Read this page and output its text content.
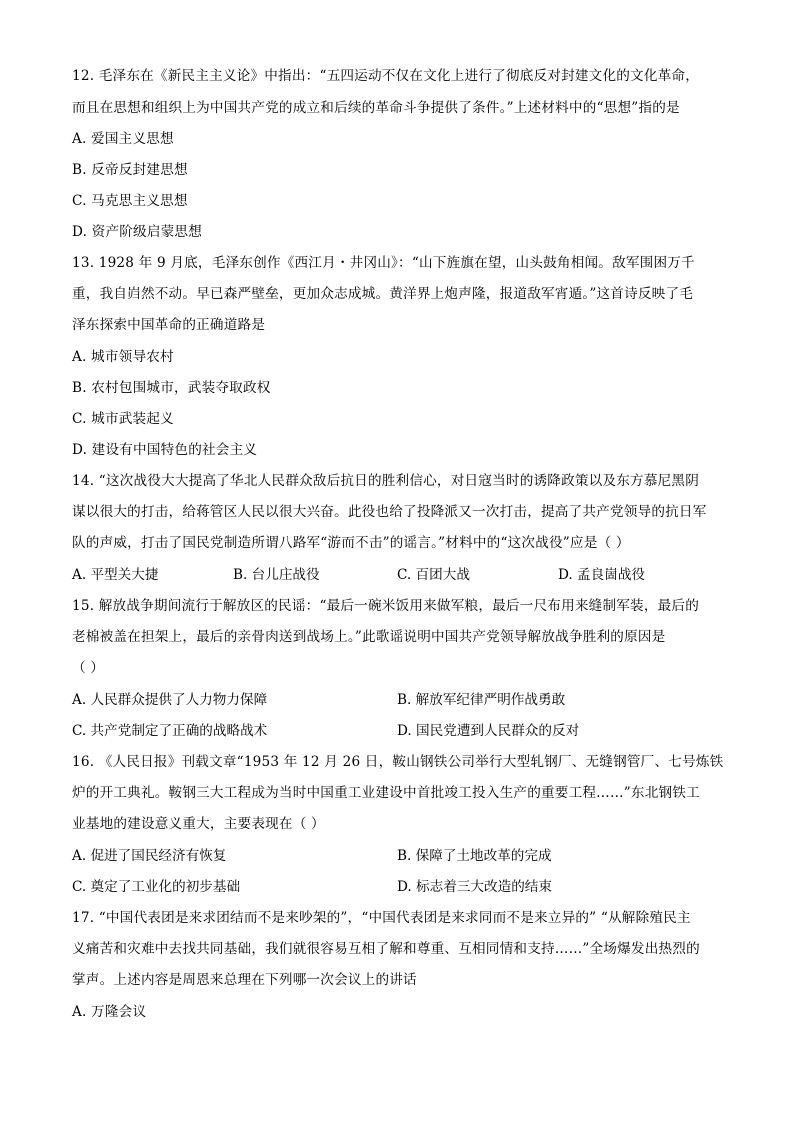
12. 毛泽东在《新民主主义论》中指出：“五四运动不仅在文化上进行了彻底反对封建文化的文化革命，
而且在思想和组织上为中国共产党的成立和后续的革命斗争提供了条件。”上述材料中的“思想”指的是
A. 爱国主义思想
B. 反帝反封建思想
C. 马克思主义思想
D. 资产阶级启蒙思想
13. 1928 年 9 月底，毛泽东创作《西江月・井冈山》：“山下旌旗在望，山头鼓角相闻。敌军围困万千
重，我自岿然不动。早已森严壁垒，更加众志成城。黄洋界上炮声隆，报道敌军宵遁。”这首诗反映了毛
泽东探索中国革命的正确道路是
A. 城市领导农村
B. 农村包围城市，武装夺取政权
C. 城市武装起义
D. 建设有中国特色的社会主义
14. “这次战役大大提高了华北人民群众敌后抗日的胜利信心，对日寇当时的诱降政策以及东方慕尼黑阴
谋以很大的打击，给蒋管区人民以很大兴奋。此役也给了投降派又一次打击，提高了共产党领导的抗日军
队的声威，打击了国民党制造所谓八路军“游而不击”的谣言。”材料中的“这次战役”应是（ ）
A. 平型关大捷	B. 台儿庄战役	C. 百团大战	D. 孟良崮战役
15. 解放战争期间流行于解放区的民谣：“最后一碗米饭用来做军粮，最后一尺布用来缝制军装，最后的
老棉被盖在担架上，最后的亲骨肉送到战场上。”此歌谣说明中国共产党领导解放战争胜利的原因是
（ ）
A. 人民群众提供了人力物力保障	B. 解放军纪律严明作战勇敢
C. 共产党制定了正确的战略战术	D. 国民党遭到人民群众的反对
16. 《人民日报》刊载文章“1953 年 12 月 26 日，鞍山钢铁公司举行大型轧钢厂、无缝钢管厂、七号炼铁
炉的开工典礼。鞍钢三大工程成为当时中国重工业建设中首批竣工投入生产的重要工程……”东北钢铁工
业基地的建设意义重大，主要表现在（ ）
A. 促进了国民经济有恢复	B. 保障了土地改革的完成
C. 奠定了工业化的初步基础	D. 标志着三大改造的结束
17. “中国代表团是来求团结而不是来吵架的”，“中国代表团是来求同而不是来立异的” “从解除殖民主
义痛苦和灾难中去找共同基础，我们就很容易互相了解和尊重、互相同情和支持……”全场爆发出热烈的
掌声。上述内容是周恩来总理在下列哪一次会议上的讲话
A. 万隆会议
